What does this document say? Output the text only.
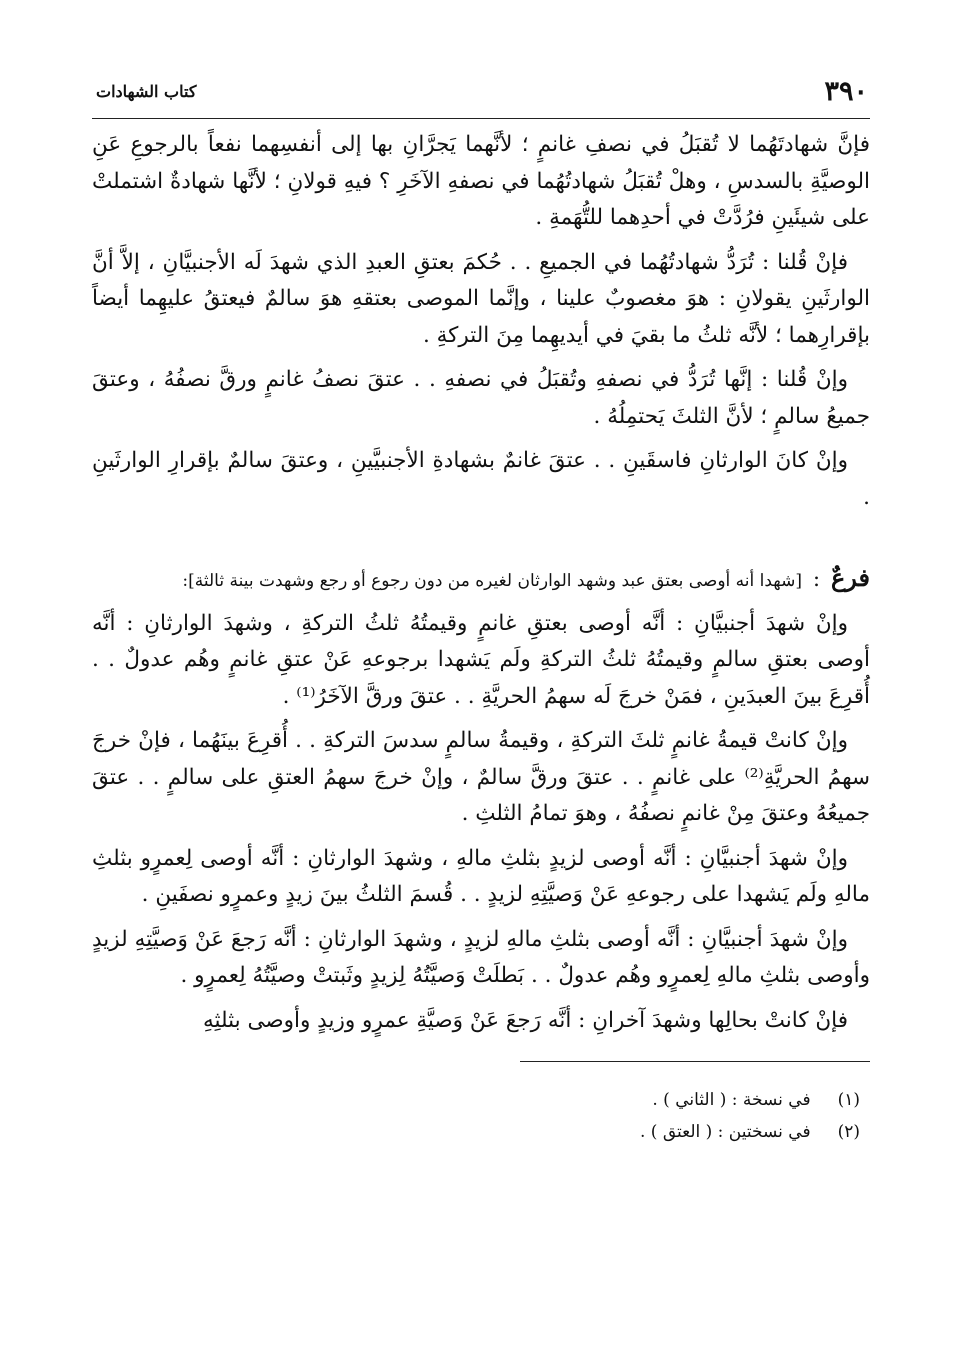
٣٩٠
كتاب الشهادات

فإنَّ شهادتَهُما لا تُقبَلُ في نصفِ غانمٍ ؛ لأنَّهما يَجرَّانِ بها إلى أنفسِهما نفعاً بالرجوعِ عَنِ الوصيَّةِ بالسدسِ ، وهلْ تُقبَلُ شهادتُهُما في نصفهِ الآخَرِ ؟ فيهِ قولانِ ؛ لأنَّها شهادةٌ اشتملتْ على شيئَينِ فرُدَّتْ في أحدِهما للتُّهَمةِ .

فإنْ قُلنا : تُرَدُّ شهادتُهُما في الجميعِ . . حُكمَ بعتقِ العبدِ الذي شهدَ لَه الأجنبيَّانِ ، إلاَّ أنَّ الوارثَينِ يقولانِ : هوَ مغصوبٌ علينا ، وإنَّما الموصى بعتقهِ هوَ سالمٌ فيعتقُ عليهِما أيضاً بإقرارِهما ؛ لأنَّه ثلثُ ما بقيَ في أيديهِما مِنَ التركةِ .

وإنْ قُلنا : إنَّها تُرَدُّ في نصفهِ وتُقبَلُ في نصفهِ . . عتقَ نصفُ غانمٍ ورقَّ نصفُهُ ، وعتقَ جميعُ سالمٍ ؛ لأنَّ الثلثَ يَحتمِلُهُ .

وإنْ كانَ الوارثانِ فاسقَينِ . . عتقَ غانمٌ بشهادةِ الأجنبيَّينِ ، وعتقَ سالمٌ بإقرارِ الوارثَينِ .

فرعٌ : [شهدا أنه أوصى بعتق عبد وشهد الوارثان لغيره من دون رجوع أو رجع وشهدت بينة ثالثة]:

وإنْ شهدَ أجنبيَّانِ : أنَّه أوصى بعتقِ غانمٍ وقيمتُهُ ثلثُ التركةِ ، وشهدَ الوارثانِ : أنَّه أوصى بعتقِ سالمٍ وقيمتُهُ ثلثُ التركةِ ولَم يَشهدا برجوعهِ عَنْ عتقِ غانمٍ وهُم عدولٌ . . أُقرِعَ بينَ العبدَينِ ، فمَنْ خرجَ لَه سهمُ الحريَّةِ . . عتقَ ورقَّ الآخَرُ⁽¹⁾ .

وإنْ كانتْ قيمةُ غانمٍ ثلثَ التركةِ ، وقيمةُ سالمٍ سدسَ التركةِ . . أُقرِعَ بينَهُما ، فإنْ خرجَ سهمُ الحريَّةِ⁽²⁾ على غانمٍ . . عتقَ ورقَّ سالمٌ ، وإنْ خرجَ سهمُ العتقِ على سالمٍ . . عتقَ جميعُهُ وعتقَ مِنْ غانمٍ نصفُهُ ، وهوَ تمامُ الثلثِ .

وإنْ شهدَ أجنبيَّانِ : أنَّه أوصى لزيدٍ بثلثِ مالهِ ، وشهدَ الوارثانِ : أنَّه أوصى لِعمرٍو بثلثِ مالهِ ولَم يَشهدا على رجوعهِ عَنْ وَصيَّتِهِ لزيدٍ . . قُسمَ الثلثُ بينَ زيدٍ وعمرٍو نصفَينِ .

وإنْ شهدَ أجنبيَّانِ : أنَّه أوصى بثلثِ مالهِ لزيدٍ ، وشهدَ الوارثانِ : أنَّه رَجعَ عَنْ وَصيَّتِهِ لزيدٍ وأوصى بثلثِ مالهِ لِعمرٍو وهُم عدولٌ . . بَطلَتْ وَصيَّتُهُ لِزيدٍ وثَبتتْ وصيَّتُهُ لِعمرٍو .

فإنْ كانتْ بحالِها وشهدَ آخرانِ : أنَّه رَجعَ عَنْ وَصيَّةِ عمرٍو وزيدٍ وأوصى بثلثِهِ

(١) في نسخة : ( الثاني ) .
(٢) في نسختين : ( العتق ) .
